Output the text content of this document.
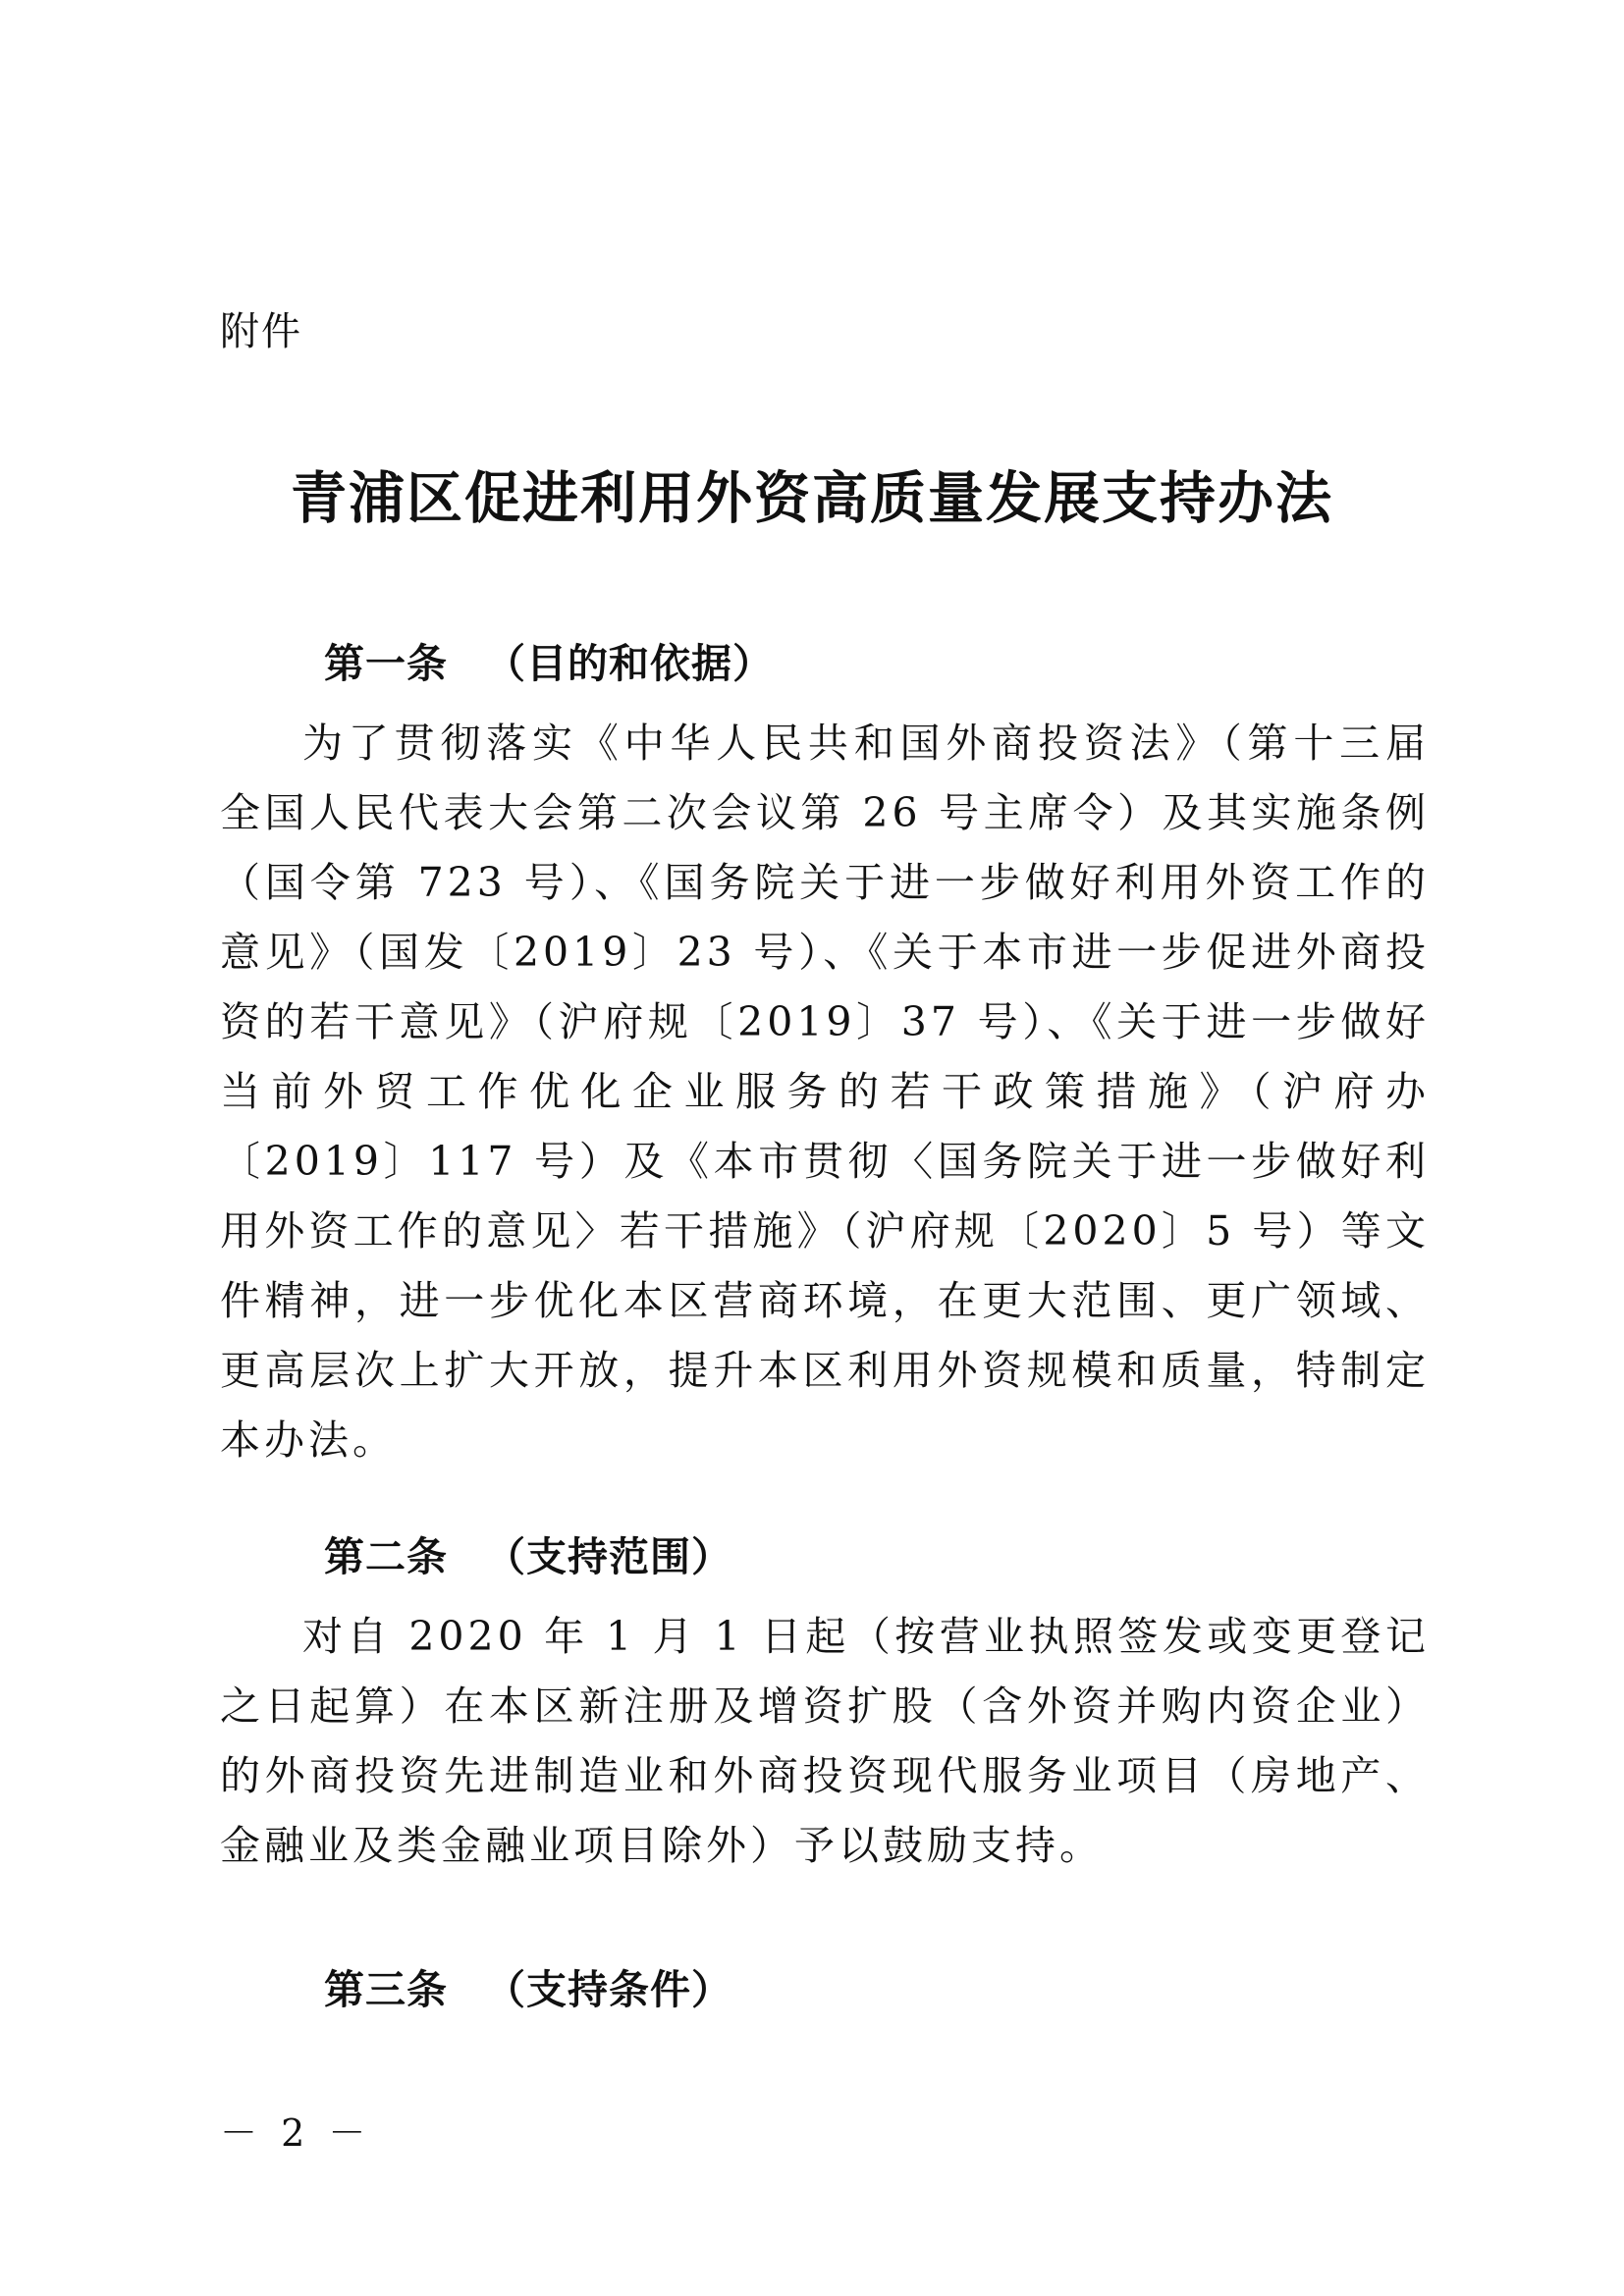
附件
青浦区促进利用外资高质量发展支持办法
第一条 （目的和依据）

为了贯彻落实《中华人民共和国外商投资法》（第十三届全国人民代表大会第二次会议第 26 号主席令）及其实施条例（国令第 723 号）、《国务院关于进一步做好利用外资工作的意见》（国发〔2019〕23 号）、《关于本市进一步促进外商投资的若干意见》（沪府规〔2019〕37 号）、《关于进一步做好当前外贸工作优化企业服务的若干政策措施》（沪府办〔2019〕117 号）及《本市贯彻〈国务院关于进一步做好利用外资工作的意见〉若干措施》（沪府规〔2020〕5 号）等文件精神，进一步优化本区营商环境，在更大范围、更广领域、更高层次上扩大开放，提升本区利用外资规模和质量，特制定本办法。

第二条 （支持范围）

对自 2020 年 1 月 1 日起（按营业执照签发或变更登记之日起算）在本区新注册及增资扩股（含外资并购内资企业）的外商投资先进制造业和外商投资现代服务业项目（房地产、金融业及类金融业项目除外）予以鼓励支持。

第三条 （支持条件）
－ 2 －
